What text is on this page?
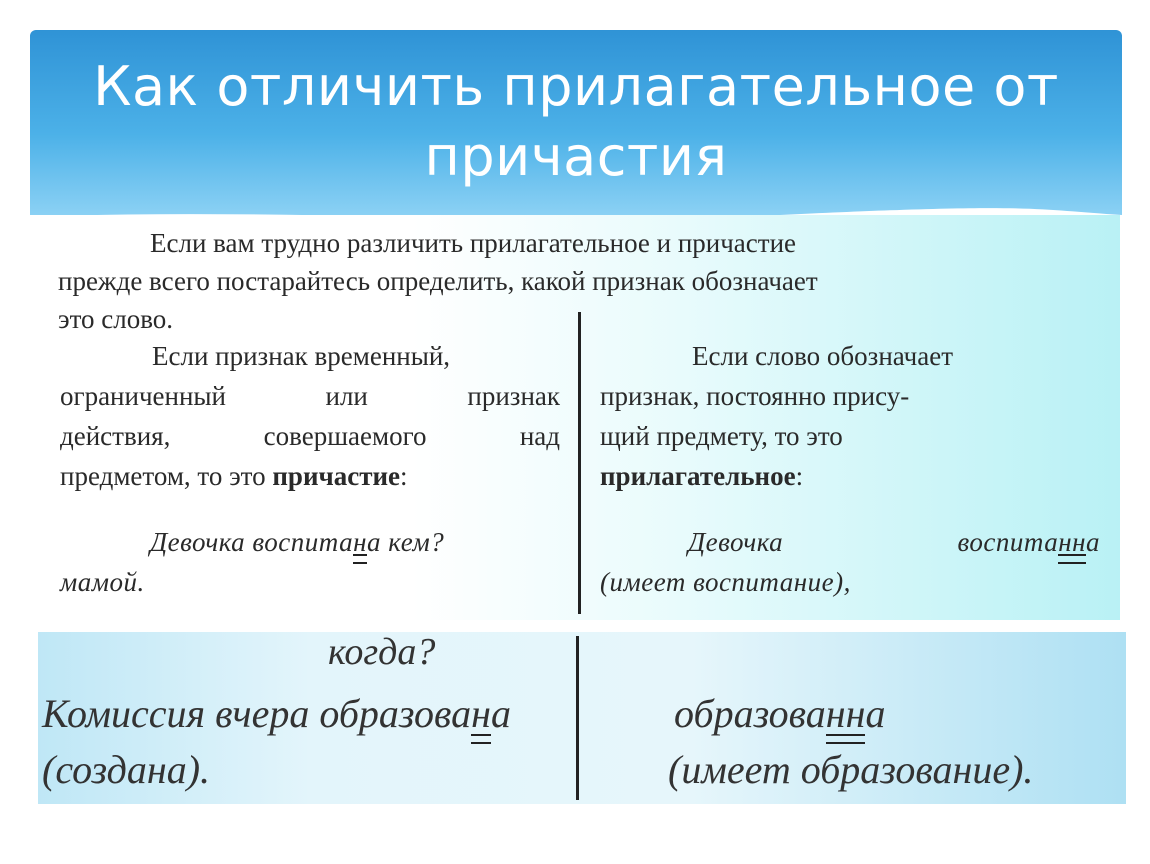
Как отличить прилагательное от
причастия
Если вам трудно различить прилагательное и причастие
прежде всего постарайтесь определить, какой признак обозначает
это слово.
Если признак временный,
ограниченный или признак
действия, совершаемого над
предметом, то это причастие:
Девочка воспитана кем?
мамой.
Если слово обозначает
признак, постоянно прису-
щий предмету, то это
прилагательное:
Девочка	воспитанна
(имеет воспитание),
когда?
Комиссия вчера образована
(создана).
образованна
(имеет образование).
